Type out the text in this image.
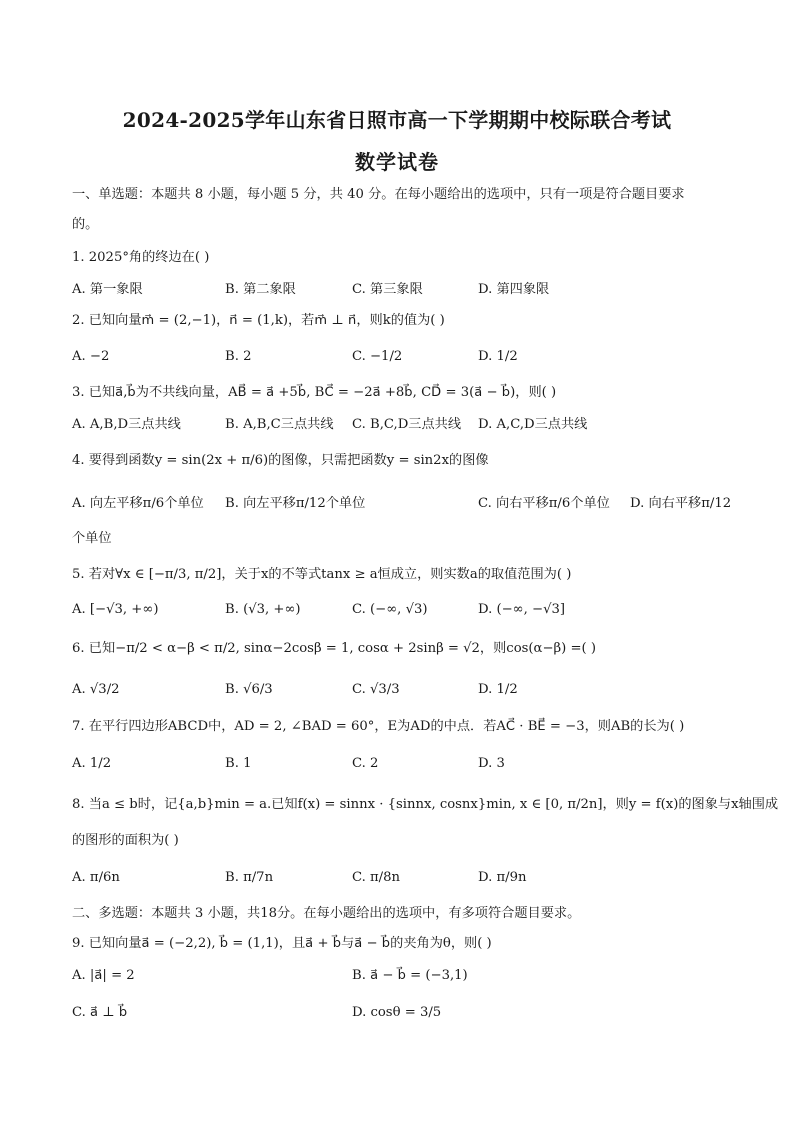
2024-2025学年山东省日照市高一下学期期中校际联合考试
数学试卷
一、单选题：本题共 8 小题，每小题 5 分，共 40 分。在每小题给出的选项中，只有一项是符合题目要求
的。
1. 2025°角的终边在( )
A. 第一象限	B. 第二象限	C. 第三象限	D. 第四象限
2. 已知向量m⃗ = (2,−1)，n⃗ = (1,k)，若m⃗ ⊥ n⃗，则k的值为( )
A. −2	B. 2	C. −1/2	D. 1/2
3. 已知a⃗,b⃗为不共线向量，AB⃗ = a⃗ +5b⃗, BC⃗ = −2a⃗ +8b⃗, CD⃗ = 3(a⃗ − b⃗)，则( )
A. A,B,D三点共线	B. A,B,C三点共线 C. B,C,D三点共线 D. A,C,D三点共线
4. 要得到函数y = sin(2x + π/6)的图像，只需把函数y = sin2x的图像
A. 向左平移π/6个单位 B. 向左平移π/12个单位	C. 向右平移π/6个单位 D. 向右平移π/12
个单位
5. 若对∀x ∈ [−π/3, π/2]，关于x的不等式tanx ≥ a恒成立，则实数a的取值范围为( )
A. [−√3, +∞)	B. (√3, +∞)	C. (−∞, √3)	D. (−∞, −√3]
6. 已知−π/2 < α−β < π/2, sinα−2cosβ = 1, cosα + 2sinβ = √2，则cos(α−β) =( )
A. √3/2	B. √6/3	C. √3/3	D. 1/2
7. 在平行四边形ABCD中，AD = 2, ∠BAD = 60°，E为AD的中点．若AC⃗ · BE⃗ = −3，则AB的长为( )
A. 1/2	B. 1	C. 2	D. 3
8. 当a ≤ b时，记{a,b}min = a.已知f(x) = sinnx · {sinnx, cosnx}min, x ∈ [0, π/2n]，则y = f(x)的图象与x轴围成
的图形的面积为( )
A. π/6n	B. π/7n	C. π/8n	D. π/9n
二、多选题：本题共 3 小题，共18分。在每小题给出的选项中，有多项符合题目要求。
9. 已知向量a⃗ = (−2,2), b⃗ = (1,1)，且a⃗ + b⃗与a⃗ − b⃗的夹角为θ，则( )
A. |a⃗| = 2	B. a⃗ − b⃗ = (−3,1)
C. a⃗ ⊥ b⃗	D. cosθ = 3/5
